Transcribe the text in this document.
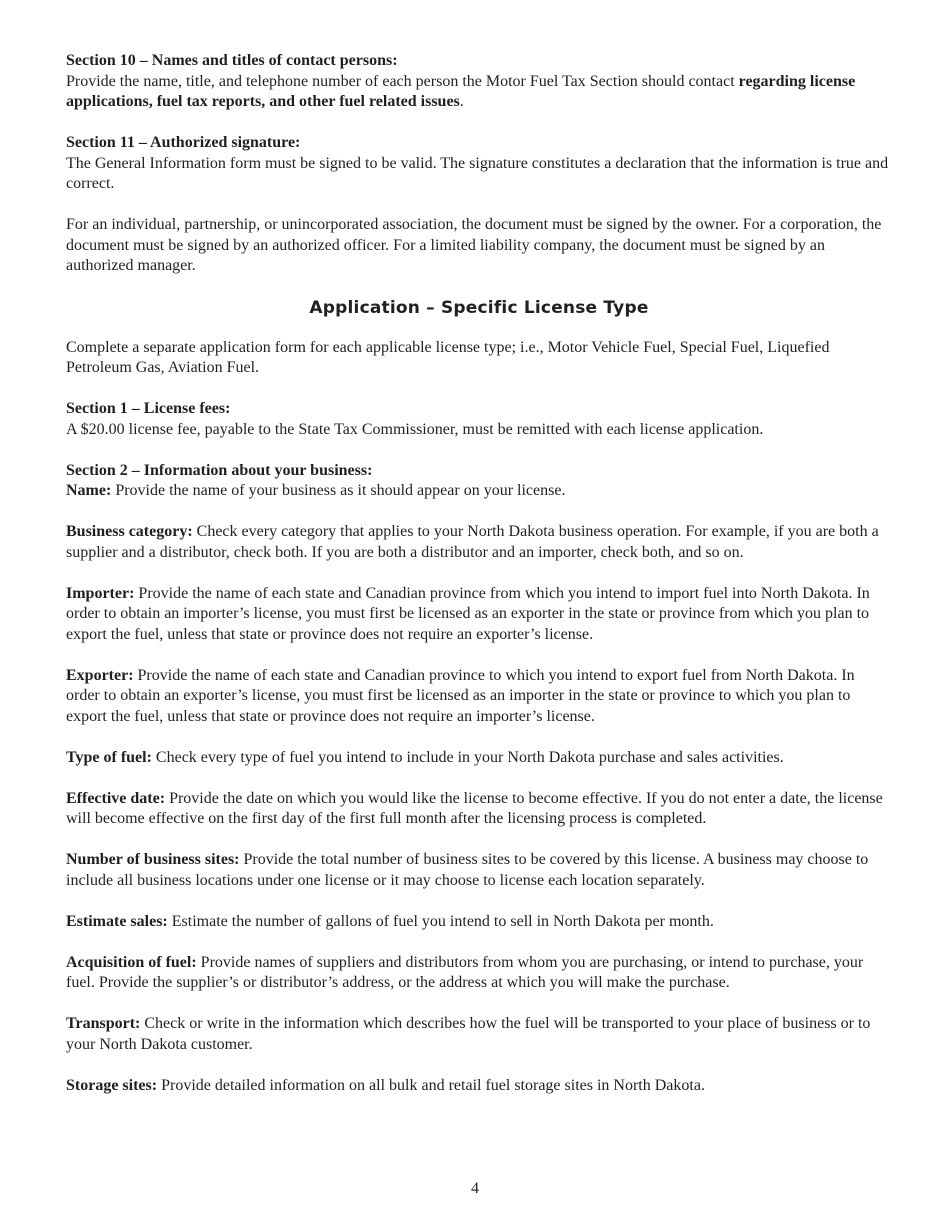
Section 10 – Names and titles of contact persons:

Provide the name, title, and telephone number of each person the Motor Fuel Tax Section should contact regarding license applications, fuel tax reports, and other fuel related issues.

Section 11 – Authorized signature:

The General Information form must be signed to be valid. The signature constitutes a declaration that the information is true and correct.

For an individual, partnership, or unincorporated association, the document must be signed by the owner. For a corporation, the document must be signed by an authorized officer. For a limited liability company, the document must be signed by an authorized manager.

Application – Specific License Type

Complete a separate application form for each applicable license type; i.e., Motor Vehicle Fuel, Special Fuel, Liquefied Petroleum Gas, Aviation Fuel.

Section 1 – License fees:

A $20.00 license fee, payable to the State Tax Commissioner, must be remitted with each license application.

Section 2 – Information about your business:

Name: Provide the name of your business as it should appear on your license.

Business category: Check every category that applies to your North Dakota business operation. For example, if you are both a supplier and a distributor, check both. If you are both a distributor and an importer, check both, and so on.

Importer: Provide the name of each state and Canadian province from which you intend to import fuel into North Dakota. In order to obtain an importer’s license, you must first be licensed as an exporter in the state or province from which you plan to export the fuel, unless that state or province does not require an exporter’s license.

Exporter: Provide the name of each state and Canadian province to which you intend to export fuel from North Dakota. In order to obtain an exporter’s license, you must first be licensed as an importer in the state or province to which you plan to export the fuel, unless that state or province does not require an importer’s license.

Type of fuel: Check every type of fuel you intend to include in your North Dakota purchase and sales activities.

Effective date: Provide the date on which you would like the license to become effective. If you do not enter a date, the license will become effective on the first day of the first full month after the licensing process is completed.

Number of business sites: Provide the total number of business sites to be covered by this license. A business may choose to include all business locations under one license or it may choose to license each location separately.

Estimate sales: Estimate the number of gallons of fuel you intend to sell in North Dakota per month.

Acquisition of fuel: Provide names of suppliers and distributors from whom you are purchasing, or intend to purchase, your fuel. Provide the supplier’s or distributor’s address, or the address at which you will make the purchase.

Transport: Check or write in the information which describes how the fuel will be transported to your place of business or to your North Dakota customer.

Storage sites: Provide detailed information on all bulk and retail fuel storage sites in North Dakota.

4
